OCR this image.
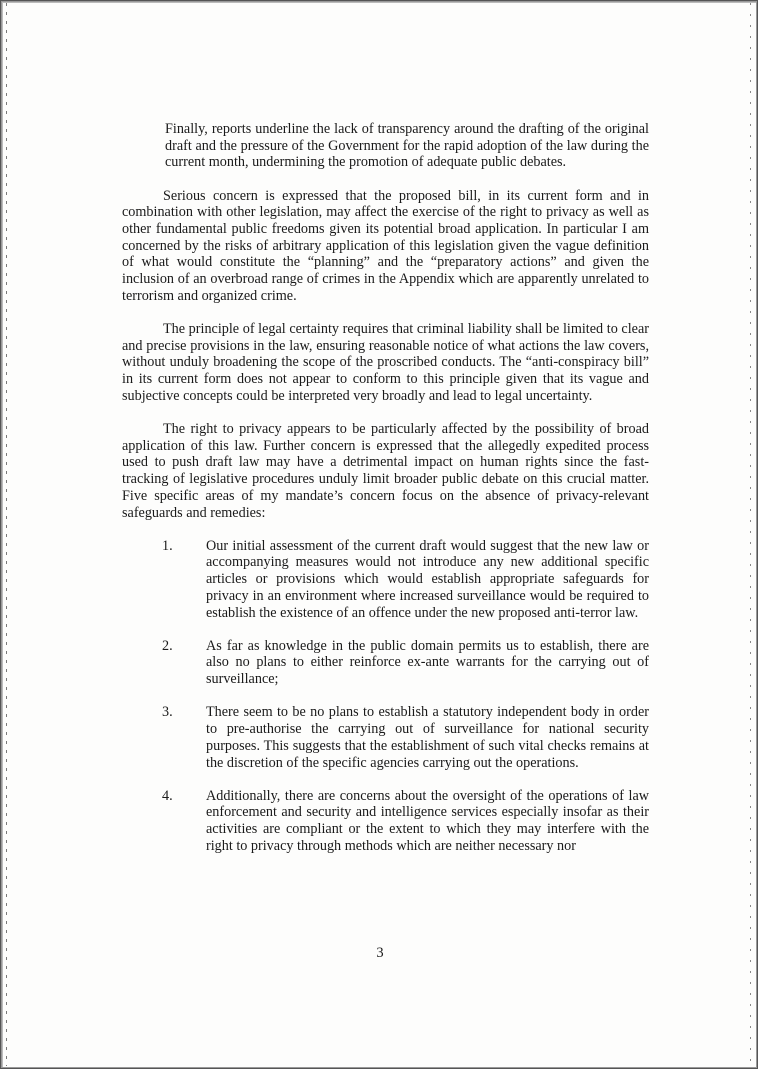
Finally, reports underline the lack of transparency around the drafting of the original draft and the pressure of the Government for the rapid adoption of the law during the current month, undermining the promotion of adequate public debates.

Serious concern is expressed that the proposed bill, in its current form and in combination with other legislation, may affect the exercise of the right to privacy as well as other fundamental public freedoms given its potential broad application. In particular I am concerned by the risks of arbitrary application of this legislation given the vague definition of what would constitute the “planning” and the “preparatory actions” and given the inclusion of an overbroad range of crimes in the Appendix which are apparently unrelated to terrorism and organized crime.

The principle of legal certainty requires that criminal liability shall be limited to clear and precise provisions in the law, ensuring reasonable notice of what actions the law covers, without unduly broadening the scope of the proscribed conducts. The “anti-conspiracy bill” in its current form does not appear to conform to this principle given that its vague and subjective concepts could be interpreted very broadly and lead to legal uncertainty.

The right to privacy appears to be particularly affected by the possibility of broad application of this law. Further concern is expressed that the allegedly expedited process used to push draft law may have a detrimental impact on human rights since the fast-tracking of legislative procedures unduly limit broader public debate on this crucial matter. Five specific areas of my mandate’s concern focus on the absence of privacy-relevant safeguards and remedies:

1.	Our initial assessment of the current draft would suggest that the new law or accompanying measures would not introduce any new additional specific articles or provisions which would establish appropriate safeguards for privacy in an environment where increased surveillance would be required to establish the existence of an offence under the new proposed anti-terror law.
2.	As far as knowledge in the public domain permits us to establish, there are also no plans to either reinforce ex-ante warrants for the carrying out of surveillance;
3.	There seem to be no plans to establish a statutory independent body in order to pre-authorise the carrying out of surveillance for national security purposes. This suggests that the establishment of such vital checks remains at the discretion of the specific agencies carrying out the operations.
4.	Additionally, there are concerns about the oversight of the operations of law enforcement and security and intelligence services especially insofar as their activities are compliant or the extent to which they may interfere with the right to privacy through methods which are neither necessary nor
3
